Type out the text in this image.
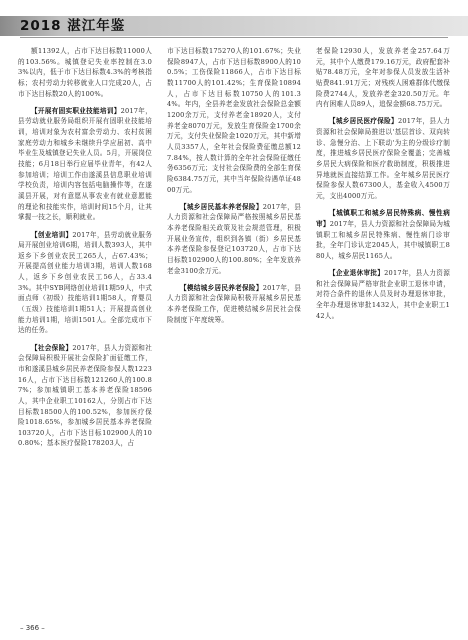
2018 湛江年鉴

额11392人，占市下达目标数11000人的103.56%。城镇登记失业率控制在3.03%以内，低于市下达目标数4.3%的考核指标；农村劳动力转移就业人口完成20人，占市下达目标数20人的100%。

【开展有固实职业技能培训】2017年，县劳动就业服务局组织开展有固职业技能培训，培训对象为农村富余劳动力、农村贫困家庭劳动力和城乡未继续升学应届初、高中毕业生及城镇登记失业人员。5月，开展岗位技能；6月18日举行应届毕业青年，有42人参加培训；培训工作由遂溪县信息职业培训学校负责，培训内容包括电脑操作等，在遂溪县开展，对有意愿从事农业有就业意愿能的理论和技能实作，培训时间15个月，让其掌握一技之长，顺利就业。

【创业培训】2017年，县劳动就业服务局开展创业培训6期，培训人数393人，其中返乡下乡创业农民工265人，占67.43%；开展提高创业能力培训3期，培训人数168人，返乡下乡创业农民工56人，占33.43%。其中SYB网络创业培训1期59人，中式面点师（初级）技能培训1期58人，育婴员（五级）技能培训1期51人；开展提高创业能力培训1期，培训1501人。全部完成市下达的任务。

【社会保险】2017年，县人力资源和社会保障局积极开展社会保险扩面征缴工作，市和遂溪县城乡居民养老保险参保人数122316人，占市下达目标数121260人的100.87%；参加城镇职工基本养老保险18596人，其中企业职工10162人，分别占市下达目标数18500人的100.52%，参加医疗保险1018.65%，参加城乡居民基本养老保险103720人，占市下达目标102900人的100.80%；基本医疗保险178203人，占

市下达目标数175270人的101.67%；失业保险8947人，占市下达目标数8900人的100.5%；工伤保险11866人，占市下达目标数11700人的101.42%；生育保险10894人，占市下达目标数10750人的101.34%。年内，全县养老金发放社会保险总金额1200余万元，支付养老金18920人，支付养老金8070万元，发放生育保险金1700余万元，支付失业保险金1020万元，其中新增人员3357人，全年社会保险费征缴总额127.84%，按人数计算的全年社会保险征缴任务6356万元；支付社会保险费的全部生育保险6384.75万元，其中当年保险待遇单证4800万元。

【城乡居民基本养老保险】2017年，县人力资源和社会保障局严格按照城乡居民基本养老保险相关政策及社会规范管理，积极开展业务宣传，组织到各镇（街）乡居民基本养老保险参保登记103720人，占市下达目标数102900人的100.80%；全年发放养老金3100余万元。

【模结城乡居民养老保险】2017年，县人力资源和社会保障局积极开展城乡居民基本养老保险工作，促进模结城乡居民社会保险制度下年度统筹。

老保险12930人，发放养老金257.64万元，其中个人缴费179.16万元，政府配套补贴78.48万元，全年对参保人员发放生活补贴费841.91万元；对残疾人困难群体代缴保险费2744人，发放养老金320.50万元。年内有困难人员89人，追保金额68.75万元。

【城乡居民医疗保险】2017年，县人力资源和社会保障局推进以'基层首诊、双向转诊、急慢分治、上下联动'为主的分级诊疗制度，推进城乡居民医疗保险全覆盖；完善城乡居民大病保险和医疗救助制度，积极推进异地就医直接结算工作。全年城乡居民医疗保险参保人数67300人，基金收入4500万元，支出4000万元。

【城镇职工和城乡居民特殊病、慢性病审】2017年，县人力资源和社会保障局为城镇职工和城乡居民特殊病、慢性病门诊审批，全年门诊认定2045人，其中城镇职工880人，城乡居民1165人。

【企业退休审批】2017年，县人力资源和社会保障局严格审批企业职工退休申请，对符合条件的退休人员及时办理退休审批，全年办理退休审批1432人，其中企业职工142人。

– 366 –
